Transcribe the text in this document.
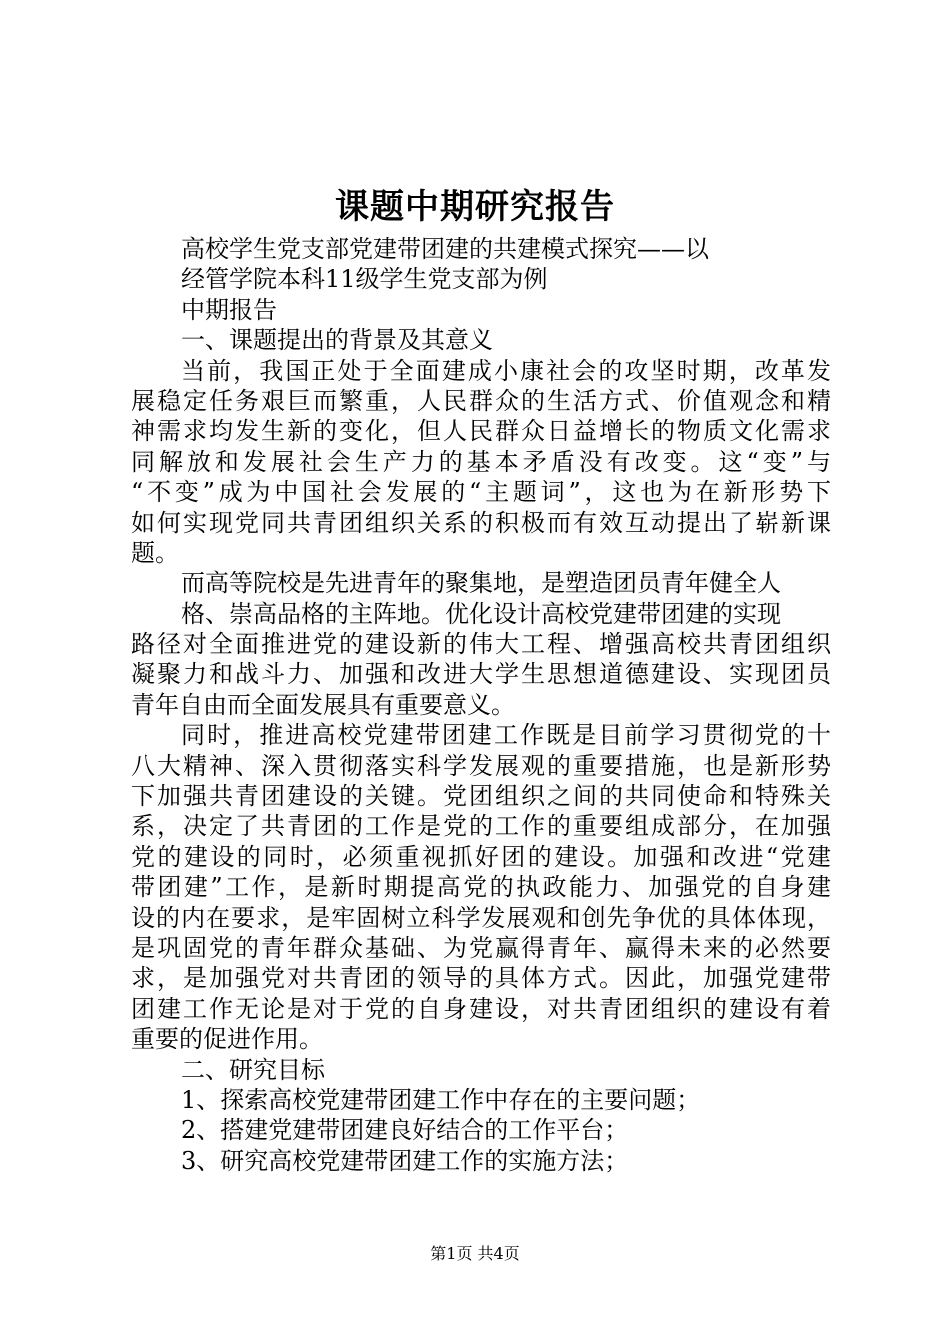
课题中期研究报告
高校学生党支部党建带团建的共建模式探究——以
经管学院本科11级学生党支部为例
中期报告
一、课题提出的背景及其意义
当前，我国正处于全面建成小康社会的攻坚时期，改革发
展稳定任务艰巨而繁重，人民群众的生活方式、价值观念和精
神需求均发生新的变化，但人民群众日益增长的物质文化需求
同解放和发展社会生产力的基本矛盾没有改变。这“变”与
“不变”成为中国社会发展的“主题词”，这也为在新形势下
如何实现党同共青团组织关系的积极而有效互动提出了崭新课
题。
而高等院校是先进青年的聚集地，是塑造团员青年健全人
格、崇高品格的主阵地。优化设计高校党建带团建的实现
路径对全面推进党的建设新的伟大工程、增强高校共青团组织
凝聚力和战斗力、加强和改进大学生思想道德建设、实现团员
青年自由而全面发展具有重要意义。
同时，推进高校党建带团建工作既是目前学习贯彻党的十
八大精神、深入贯彻落实科学发展观的重要措施，也是新形势
下加强共青团建设的关键。党团组织之间的共同使命和特殊关
系，决定了共青团的工作是党的工作的重要组成部分，在加强
党的建设的同时，必须重视抓好团的建设。加强和改进“党建
带团建”工作，是新时期提高党的执政能力、加强党的自身建
设的内在要求，是牢固树立科学发展观和创先争优的具体体现，
是巩固党的青年群众基础、为党赢得青年、赢得未来的必然要
求，是加强党对共青团的领导的具体方式。因此，加强党建带
团建工作无论是对于党的自身建设，对共青团组织的建设有着
重要的促进作用。
二、研究目标
1、探索高校党建带团建工作中存在的主要问题；
2、搭建党建带团建良好结合的工作平台；
3、研究高校党建带团建工作的实施方法；
第1页 共4页
